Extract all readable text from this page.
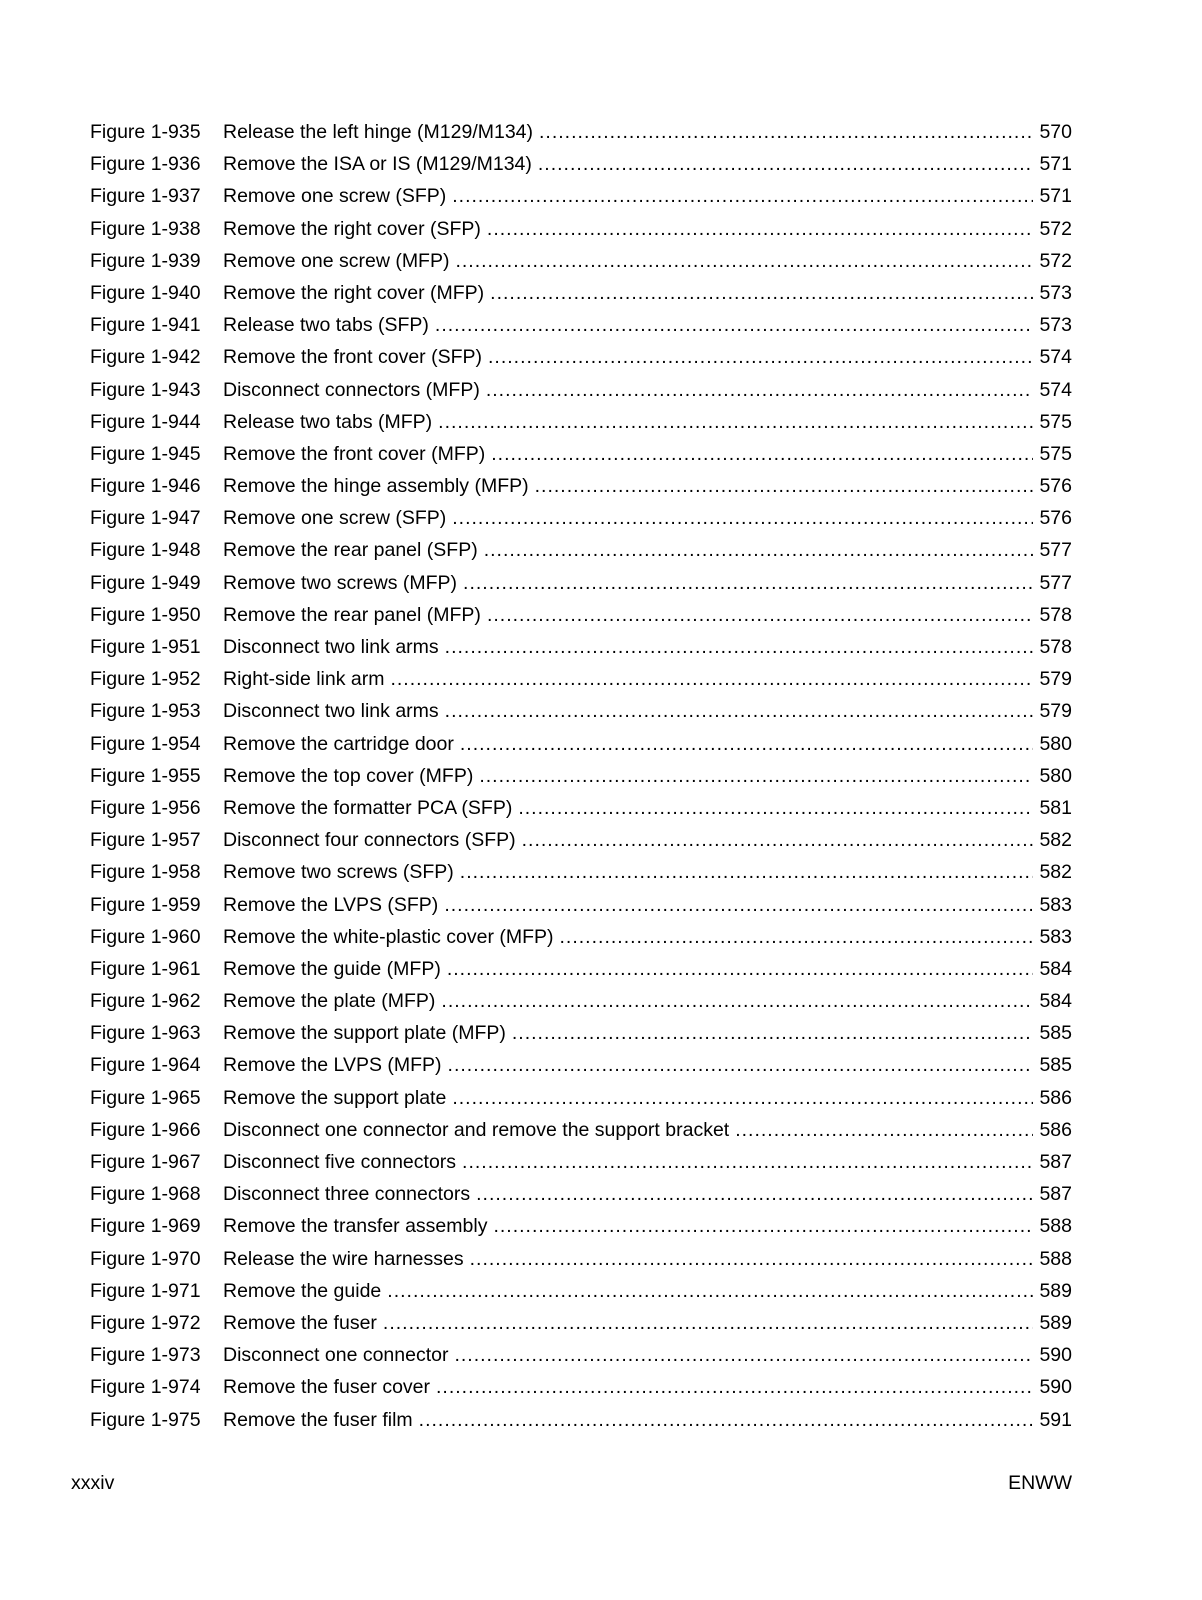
Figure 1-935	Release the left hinge (M129/M134) .....	570
Figure 1-936	Remove the ISA or IS (M129/M134) .....	571
Figure 1-937	Remove one screw (SFP) .....	571
Figure 1-938	Remove the right cover (SFP) .....	572
Figure 1-939	Remove one screw (MFP) .....	572
Figure 1-940	Remove the right cover (MFP) .....	573
Figure 1-941	Release two tabs (SFP) .....	573
Figure 1-942	Remove the front cover (SFP) .....	574
Figure 1-943	Disconnect connectors (MFP) .....	574
Figure 1-944	Release two tabs (MFP) .....	575
Figure 1-945	Remove the front cover (MFP) .....	575
Figure 1-946	Remove the hinge assembly (MFP) .....	576
Figure 1-947	Remove one screw (SFP) .....	576
Figure 1-948	Remove the rear panel (SFP) .....	577
Figure 1-949	Remove two screws (MFP) .....	577
Figure 1-950	Remove the rear panel (MFP) .....	578
Figure 1-951	Disconnect two link arms .....	578
Figure 1-952	Right-side link arm .....	579
Figure 1-953	Disconnect two link arms .....	579
Figure 1-954	Remove the cartridge door .....	580
Figure 1-955	Remove the top cover (MFP) .....	580
Figure 1-956	Remove the formatter PCA (SFP) .....	581
Figure 1-957	Disconnect four connectors (SFP) .....	582
Figure 1-958	Remove two screws (SFP) .....	582
Figure 1-959	Remove the LVPS (SFP) .....	583
Figure 1-960	Remove the white-plastic cover (MFP) .....	583
Figure 1-961	Remove the guide (MFP) .....	584
Figure 1-962	Remove the plate (MFP) .....	584
Figure 1-963	Remove the support plate (MFP) .....	585
Figure 1-964	Remove the LVPS (MFP) .....	585
Figure 1-965	Remove the support plate .....	586
Figure 1-966	Disconnect one connector and remove the support bracket .....	586
Figure 1-967	Disconnect five connectors .....	587
Figure 1-968	Disconnect three connectors .....	587
Figure 1-969	Remove the transfer assembly .....	588
Figure 1-970	Release the wire harnesses .....	588
Figure 1-971	Remove the guide .....	589
Figure 1-972	Remove the fuser .....	589
Figure 1-973	Disconnect one connector .....	590
Figure 1-974	Remove the fuser cover .....	590
Figure 1-975	Remove the fuser film .....	591
xxxiv	ENWW
